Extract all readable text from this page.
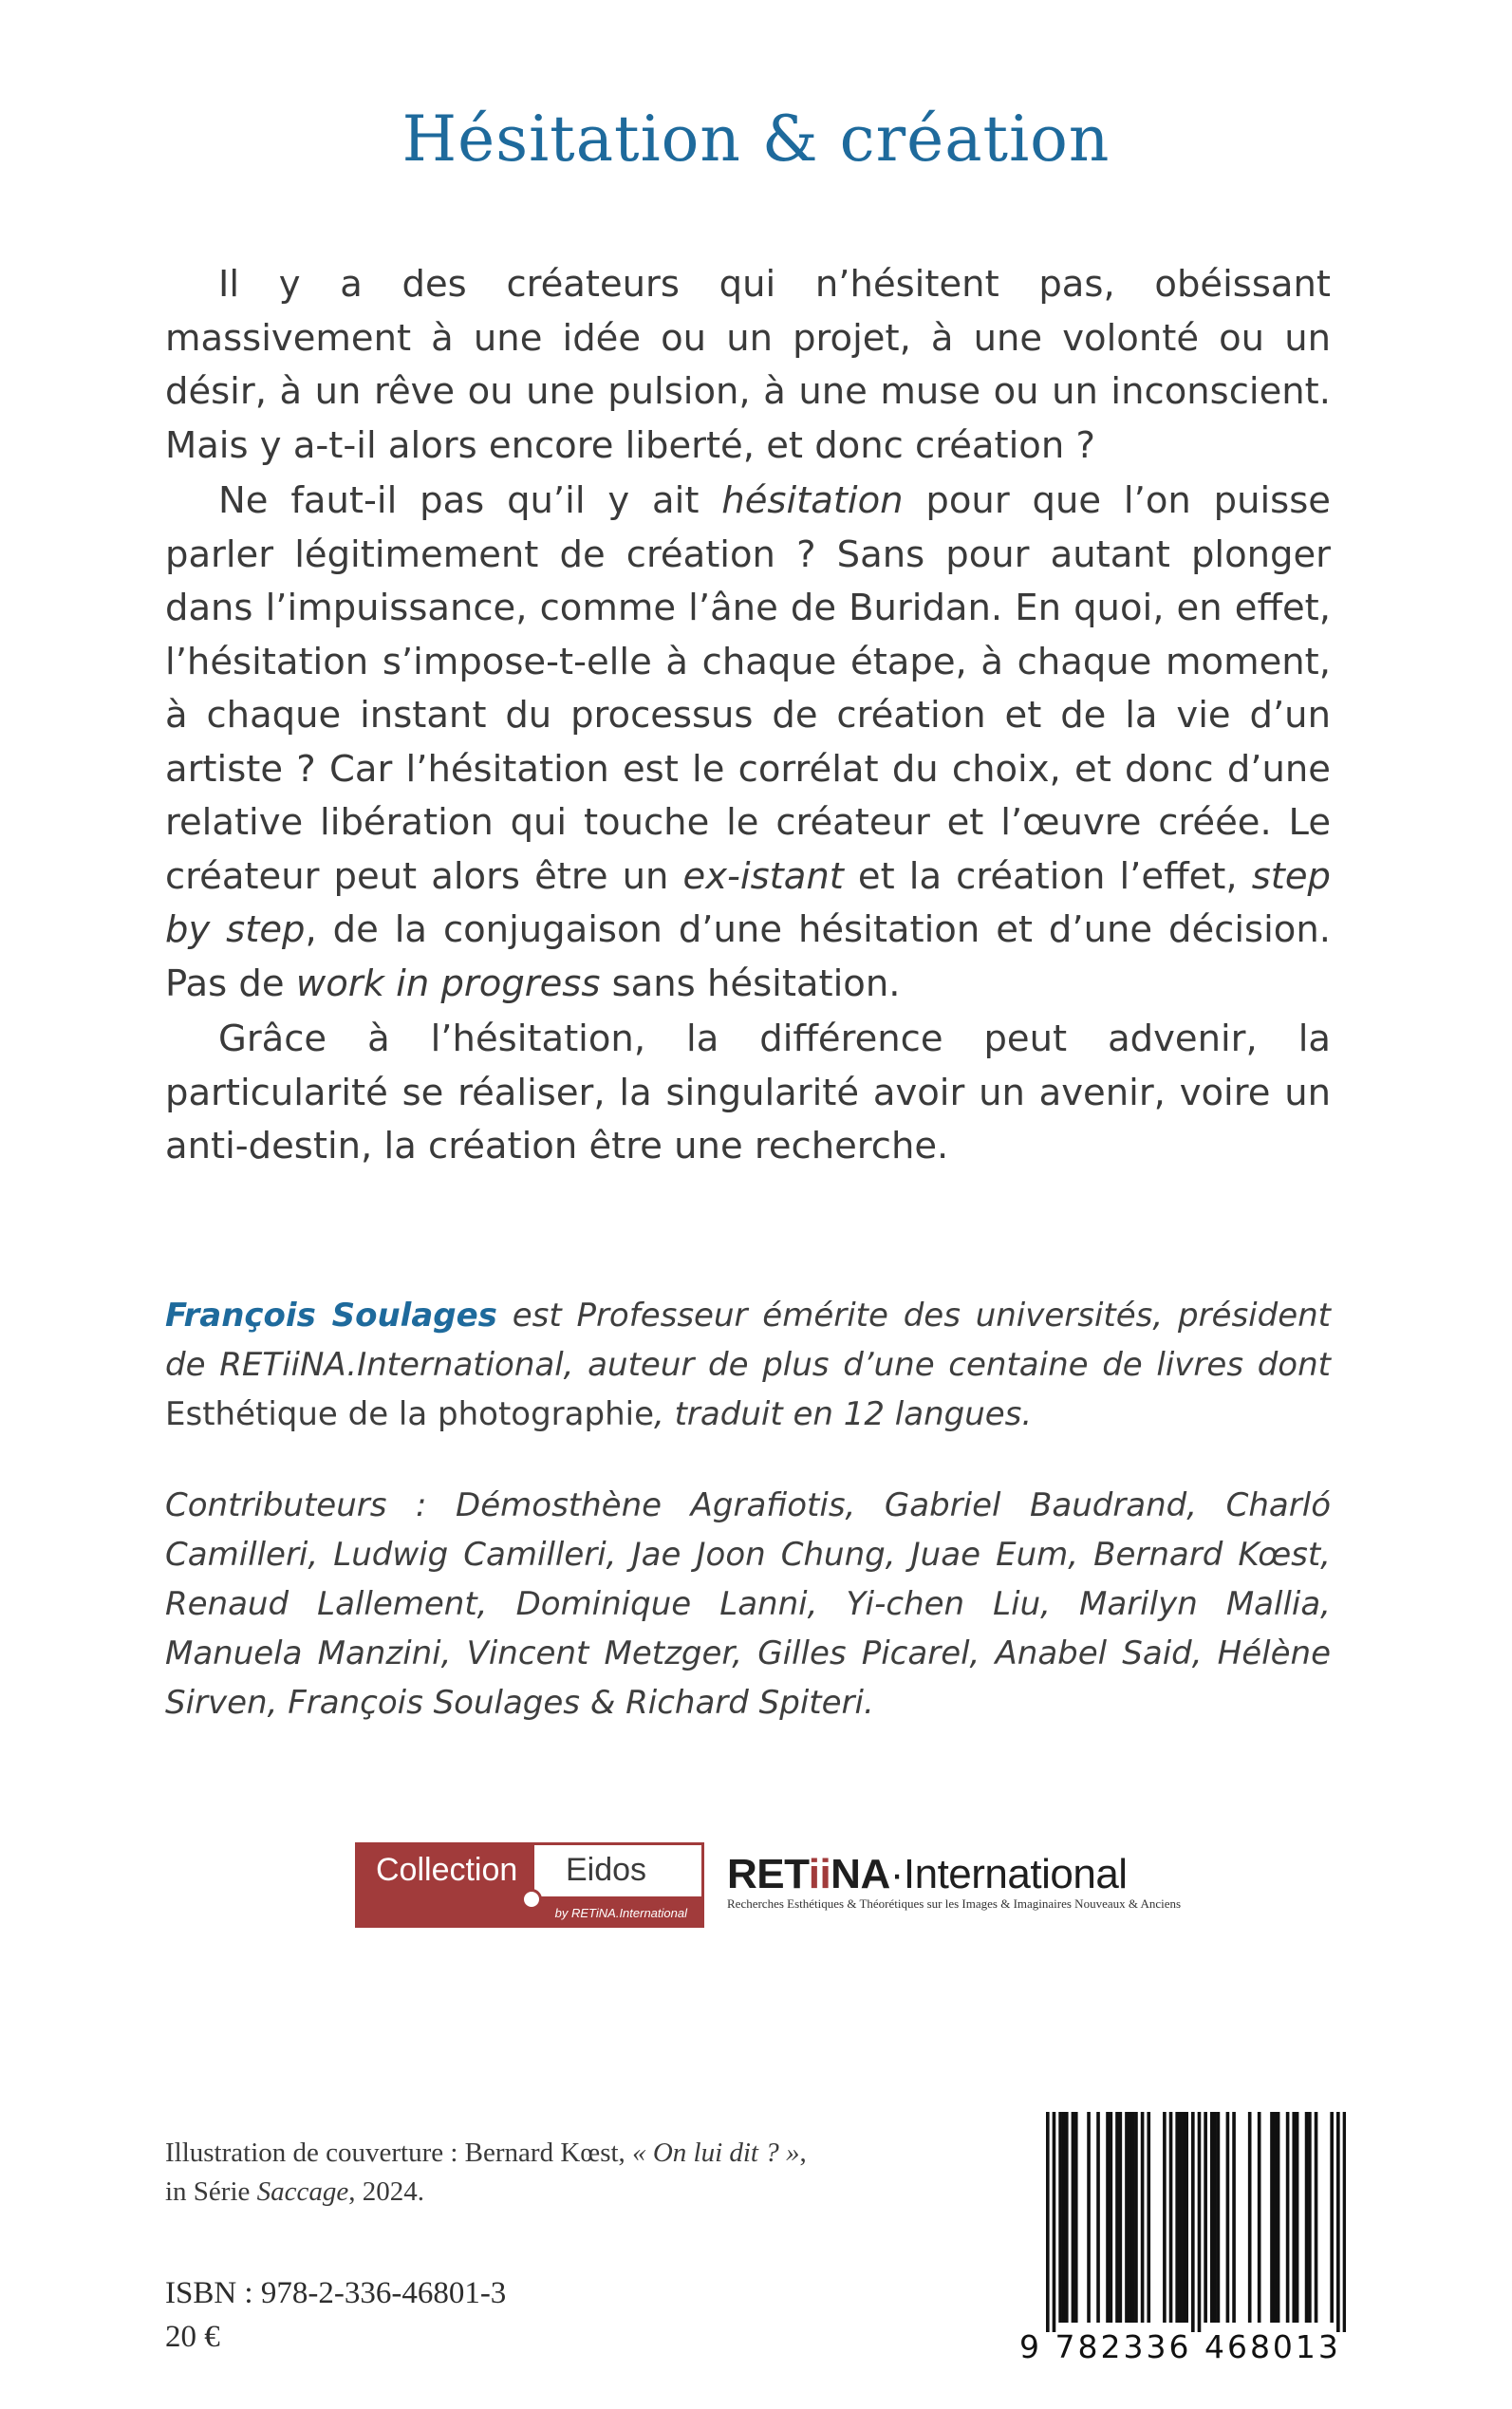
Hésitation & création

Il y a des créateurs qui n’hésitent pas, obéissant massivement à une idée ou un projet, à une volonté ou un désir, à un rêve ou une pulsion, à une muse ou un inconscient. Mais y a-t-il alors encore liberté, et donc création ?

Ne faut-il pas qu’il y ait hésitation pour que l’on puisse parler légitimement de création ? Sans pour autant plonger dans l’impuissance, comme l’âne de Buridan. En quoi, en effet, l’hésitation s’impose-t-elle à chaque étape, à chaque moment, à chaque instant du processus de création et de la vie d’un artiste ? Car l’hésitation est le corrélat du choix, et donc d’une relative libération qui touche le créateur et l’œuvre créée. Le créateur peut alors être un ex-istant et la création l’effet, step by step, de la conjugaison d’une hésitation et d’une décision. Pas de work in progress sans hésitation.

Grâce à l’hésitation, la différence peut advenir, la particularité se réaliser, la singularité avoir un avenir, voire un anti-destin, la création être une recherche.

François Soulages est Professeur émérite des universités, président de RETiiNA.International, auteur de plus d’une centaine de livres dont Esthétique de la photographie, traduit en 12 langues.
Contributeurs : Démosthène Agrafiotis, Gabriel Baudrand, Charló
Camilleri, Ludwig Camilleri, Jae Joon Chung, Juae Eum, Bernard Kœst,
Renaud Lallement, Dominique Lanni, Yi-chen Liu, Marilyn Mallia,
Manuela Manzini, Vincent Metzger, Gilles Picarel, Anabel Said, Hélène
Sirven, François Soulages & Richard Spiteri.
Collection Eidos
by RETiNA.International
RETiiNA·International
Recherches Esthétiques & Théorétiques sur les Images & Imaginaires Nouveaux & Anciens
Illustration de couverture : Bernard Kœst, « On lui dit ? »,
in Série Saccage, 2024.
ISBN : 978-2-336-46801-3
20 €	9 782336 468013
